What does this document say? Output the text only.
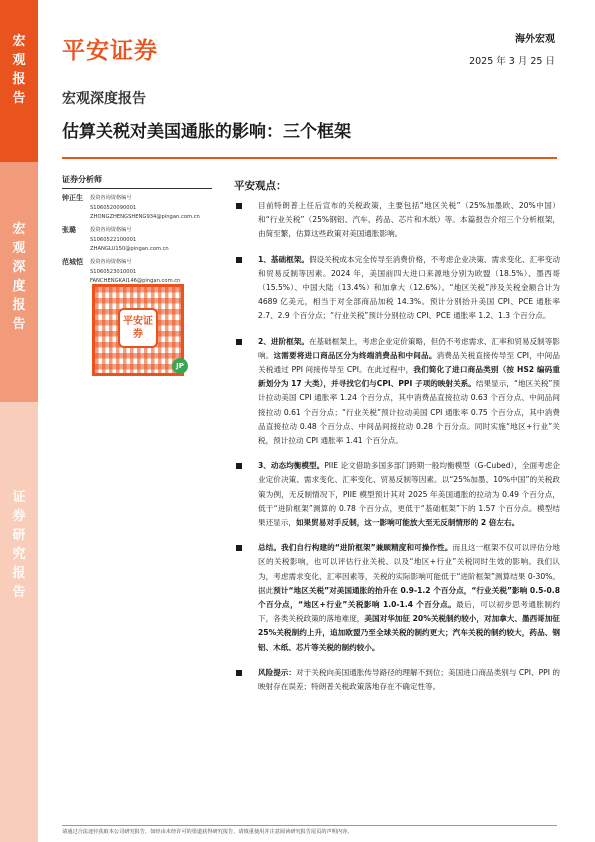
宏观报告
宏观深度报告
证券研究报告
平安证券	海外宏观
2025 年 3 月 25 日
宏观深度报告
估算关税对美国通胀的影响：三个框架
证券分析师
钟正生	投资咨询资格编号
S1060520090001
ZHONGZHENGSHENG934@pingan.com.cn
张璐	投资咨询资格编号
S1060522100001
ZHANGLU150@pingan.com.cn
范城恺	投资咨询资格编号
S1060523010001
FANCHENGKAI146@pingan.com.cn
平安证券
JP
平安观点：
目前特朗普上任后宣布的关税政策，主要包括“地区关税”（25%加墨欧、20%中国）和“行业关税”（25%钢铝、汽车、药品、芯片和木纸）等。本篇报告介绍三个分析框架，由简至繁，估算这些政策对美国通胀影响。
1、基础框架。假设关税成本完全传导至消费价格，不考虑企业决策、需求变化、汇率变动和贸易反制等因素。2024 年，美国前四大进口来源地分别为欧盟（18.5%）、墨西哥（15.5%）、中国大陆（13.4%）和加拿大（12.6%）。“地区关税”涉及关税金额合计为 4689 亿美元，相当于对全部商品加税 14.3%。预计分别抬升美国 CPI、PCE 通胀率 2.7、2.9 个百分点；“行业关税”预计分别拉动 CPI、PCE 通胀率 1.2、1.3 个百分点。
2、进阶框架。在基础框架上，考虑企业定价策略，但仍不考虑需求、汇率和贸易反制等影响。这需要将进口商品区分为终端消费品和中间品。消费品关税直接传导至 CPI，中间品关税通过 PPI 间接传导至 CPI。在此过程中，我们简化了进口商品类别（按 HS2 编码重新划分为 17 大类），并寻找它们与CPI、PPI 子项的映射关系。结果显示，“地区关税”预计拉动美国 CPI 通胀率 1.24 个百分点，其中消费品直接拉动 0.63 个百分点、中间品间接拉动 0.61 个百分点；“行业关税”预计拉动美国 CPI 通胀率 0.75 个百分点，其中消费品直接拉动 0.48 个百分点、中间品间接拉动 0.28 个百分点。同时实施“地区+行业”关税，预计拉动 CPI 通胀率 1.41 个百分点。
3、动态均衡模型。PIIE 论文借助多国多部门跨期一般均衡模型（G-Cubed），全面考虑企业定价决策、需求变化、汇率变化、贸易反制等因素。以“25%加墨、10%中国”的关税政策为例，无反制情况下，PIIE 模型预计其对 2025 年美国通胀的拉动为 0.49 个百分点，低于“进阶框架”测算的 0.78 个百分点，更低于“基础框架”下的 1.57 个百分点。模型结果还显示，如果贸易对手反制，这一影响可能放大至无反制情形的 2 倍左右。
总结。我们自行构建的“进阶框架”兼顾精度和可操作性。而且这一框架不仅可以评估分地区的关税影响，也可以评估行业关税、以及“地区+行业”关税同时生效的影响。我们认为，考虑需求变化、汇率因素等，关税的实际影响可能低于“进阶框架”测算结果 0-30%。据此预计“地区关税”对美国通胀的抬升在 0.9-1.2 个百分点，“行业关税”影响 0.5-0.8 个百分点，“地区+行业”关税影响 1.0-1.4 个百分点。最后，可以初步思考通胀制约下，各类关税政策的落地难度，美国对华加征 20%关税制约较小，对加拿大、墨西哥加征 25%关税制约上升，追加欧盟乃至全球关税的制约更大；汽车关税的制约较大，药品、钢铝、木纸、芯片等关税的制约较小。
风险提示：对于关税向美国通胀传导路径的理解不到位；美国进口商品类别与 CPI、PPI 的映射存在误差；特朗普关税政策落地存在不确定性等。
请通过合法途径获取本公司研究报告，如经由未经许可的渠道获得研究报告，请慎重使用并注意阅读研究报告尾页的声明内容。
